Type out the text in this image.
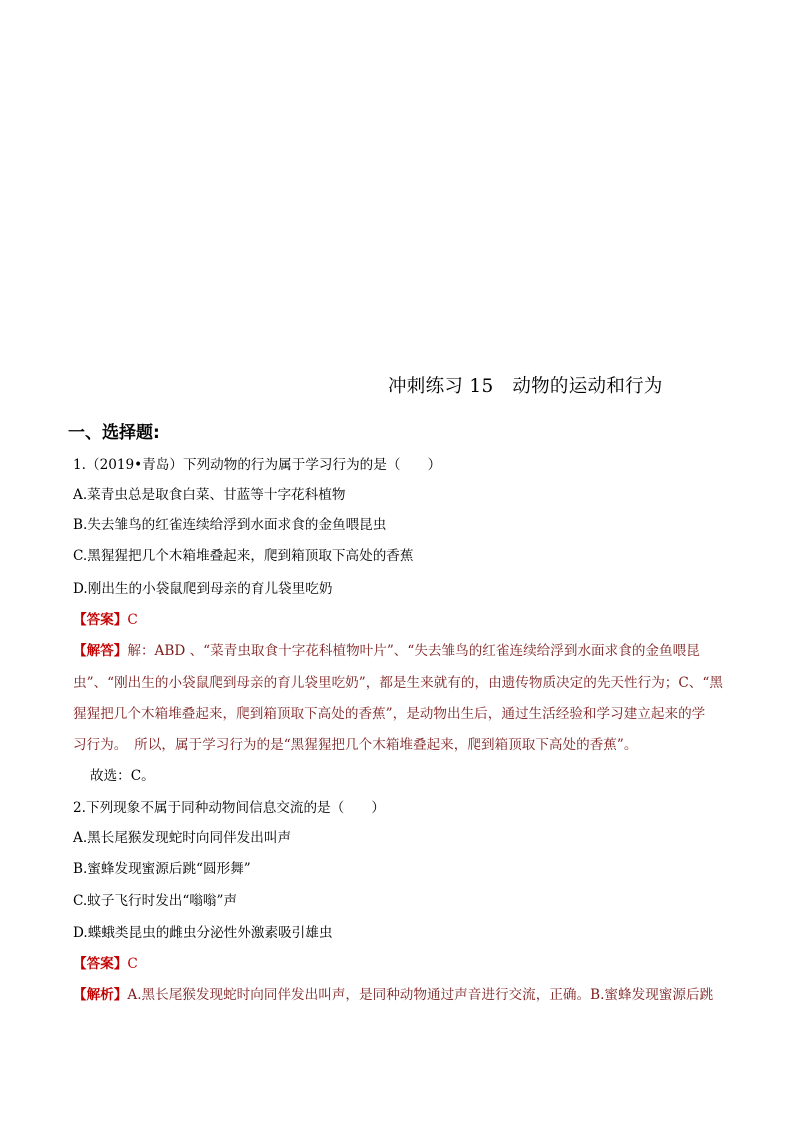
冲刺练习 15　动物的运动和行为
一、选择题:
1.（2019•青岛）下列动物的行为属于学习行为的是（　　）
A.菜青虫总是取食白菜、甘蓝等十字花科植物
B.失去雏鸟的红雀连续给浮到水面求食的金鱼喂昆虫
C.黑猩猩把几个木箱堆叠起来，爬到箱顶取下高处的香蕉
D.刚出生的小袋鼠爬到母亲的育儿袋里吃奶
【答案】C
【解答】解：ABD 、“菜青虫取食十字花科植物叶片”、“失去雏鸟的红雀连续给浮到水面求食的金鱼喂昆
虫”、“刚出生的小袋鼠爬到母亲的育儿袋里吃奶”，都是生来就有的，由遗传物质决定的先天性行为；C、“黑
猩猩把几个木箱堆叠起来，爬到箱顶取下高处的香蕉”，是动物出生后，通过生活经验和学习建立起来的学
习行为。　所以，属于学习行为的是“黑猩猩把几个木箱堆叠起来，爬到箱顶取下高处的香蕉”。
故选：C。
2.下列现象不属于同种动物间信息交流的是（　　）
A.黑长尾猴发现蛇时向同伴发出叫声
B.蜜蜂发现蜜源后跳“圆形舞”
C.蚊子飞行时发出“嗡嗡”声
D.蝶蛾类昆虫的雌虫分泌性外激素吸引雄虫
【答案】C
【解析】A.黑长尾猴发现蛇时向同伴发出叫声，是同种动物通过声音进行交流，正确。B.蜜蜂发现蜜源后跳
